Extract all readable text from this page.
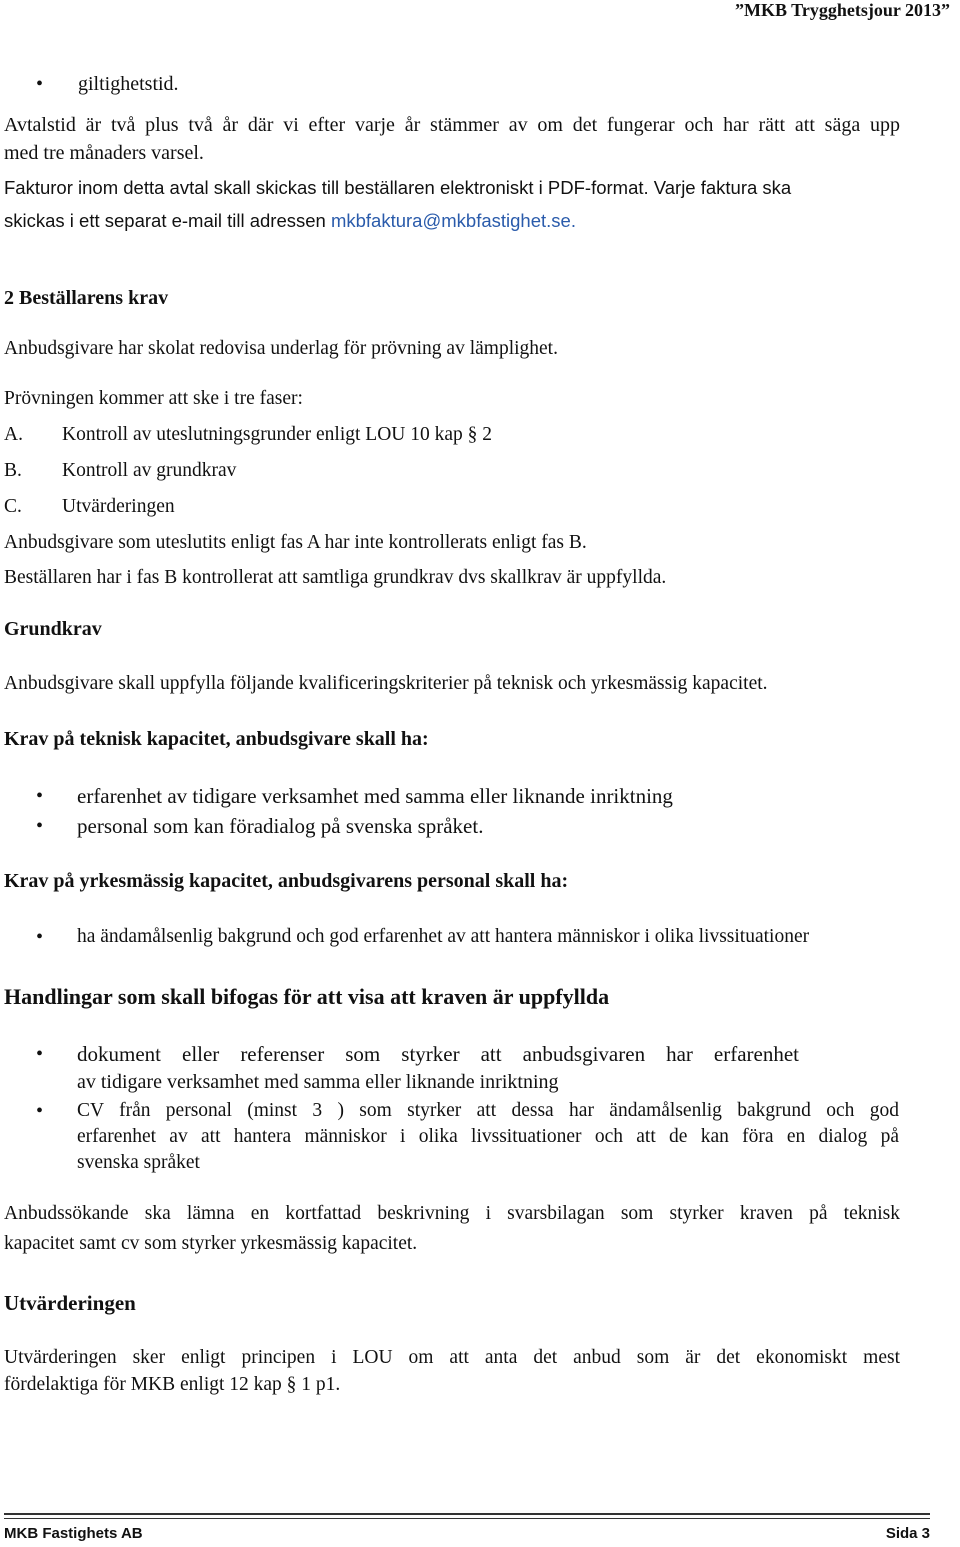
”MKB Trygghetsjour 2013”
• giltighetstid.
Avtalstid är två plus två år där vi efter varje år stämmer av om det fungerar och har rätt att säga upp
med tre månaders varsel.
Fakturor inom detta avtal skall skickas till beställaren elektroniskt i PDF-format. Varje faktura ska
skickas i ett separat e-mail till adressen mkbfaktura@mkbfastighet.se.
2 Beställarens krav
Anbudsgivare har skolat redovisa underlag för prövning av lämplighet.
Prövningen kommer att ske i tre faser:
A. Kontroll av uteslutningsgrunder enligt LOU 10 kap § 2
B. Kontroll av grundkrav
C. Utvärderingen
Anbudsgivare som uteslutits enligt fas A har inte kontrollerats enligt fas B.
Beställaren har i fas B kontrollerat att samtliga grundkrav dvs skallkrav är uppfyllda.
Grundkrav
Anbudsgivare skall uppfylla följande kvalificeringskriterier på teknisk och yrkesmässig kapacitet.
Krav på teknisk kapacitet, anbudsgivare skall ha:
• erfarenhet av tidigare verksamhet med samma eller liknande inriktning
• personal som kan föradialog på svenska språket.
Krav på yrkesmässig kapacitet, anbudsgivarens personal skall ha:
• ha ändamålsenlig bakgrund och god erfarenhet av att hantera människor i olika livssituationer
Handlingar som skall bifogas för att visa att kraven är uppfyllda
• dokument eller referenser som styrker att anbudsgivaren har erfarenhet
av tidigare verksamhet med samma eller liknande inriktning
• CV från personal (minst 3 ) som styrker att dessa har ändamålsenlig bakgrund och god
erfarenhet av att hantera människor i olika livssituationer och att de kan föra en dialog på
svenska språket
Anbudssökande ska lämna en kortfattad beskrivning i svarsbilagan som styrker kraven på teknisk
kapacitet samt cv som styrker yrkesmässig kapacitet.
Utvärderingen
Utvärderingen sker enligt principen i LOU om att anta det anbud som är det ekonomiskt mest
fördelaktiga för MKB enligt 12 kap § 1 p1.
MKB Fastighets AB	Sida 3
